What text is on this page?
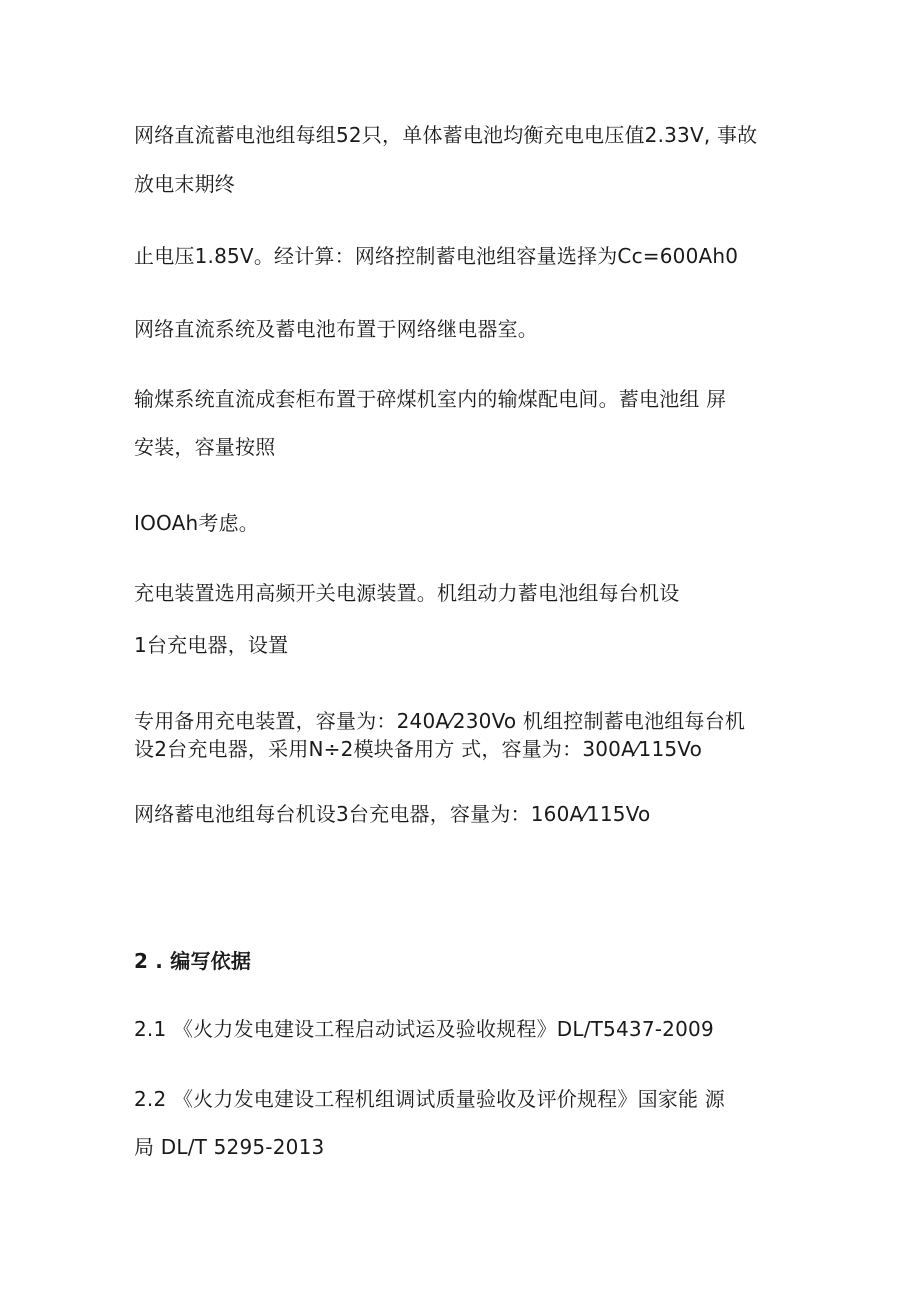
网络直流蓄电池组每组52只，单体蓄电池均衡充电电压值2.33V, 事故
放电末期终
止电压1.85V。经计算：网络控制蓄电池组容量选择为Cc=600Ah0
网络直流系统及蓄电池布置于网络继电器室。
输煤系统直流成套柜布置于碎煤机室内的输煤配电间。蓄电池组 屏
安装，容量按照
IOOAh考虑。
充电装置选用高频开关电源装置。机组动力蓄电池组每台机设
1台充电器，设置
专用备用充电装置，容量为：240A⁄230Vo 机组控制蓄电池组每台机
设2台充电器，采用N÷2模块备用方 式，容量为：300A⁄115Vo
网络蓄电池组每台机设3台充电器，容量为：160A⁄115Vo
2 . 编写依据
2.1 《火力发电建设工程启动试运及验收规程》DL/T5437-2009
2.2 《火力发电建设工程机组调试质量验收及评价规程》国家能 源
局 DL/T 5295-2013
